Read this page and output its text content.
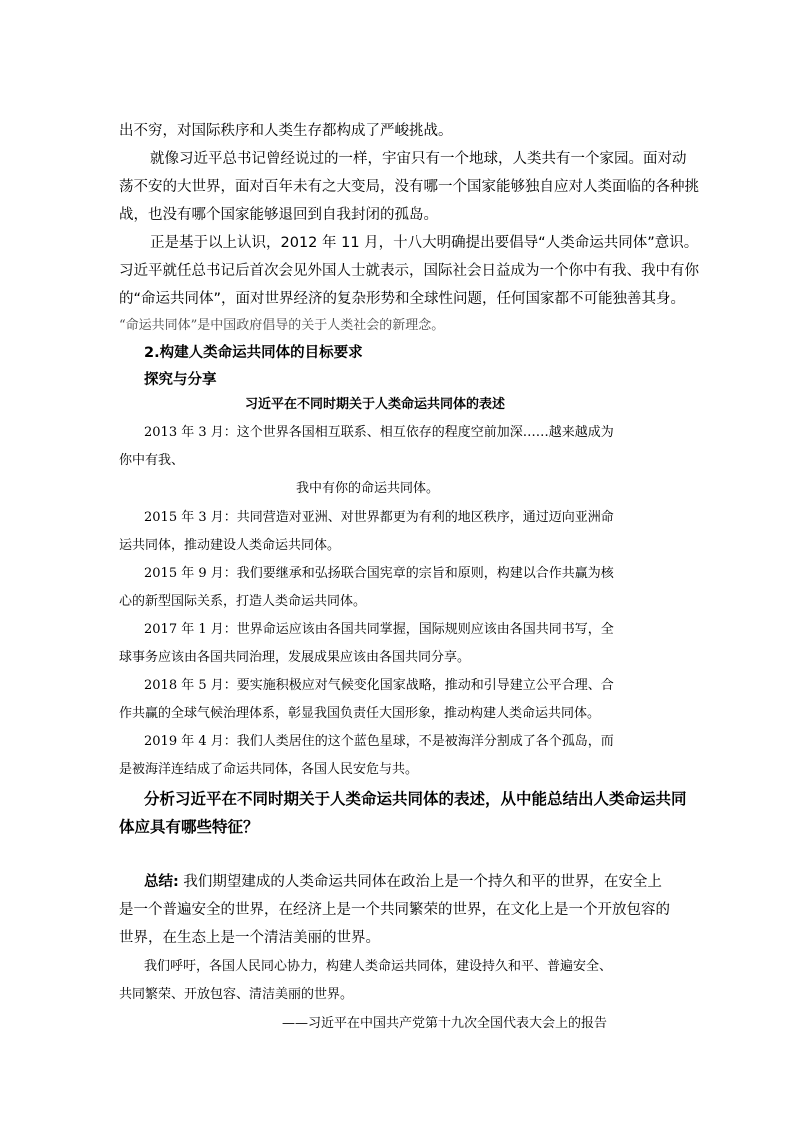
出不穷，对国际秩序和人类生存都构成了严峻挑战。
就像习近平总书记曾经说过的一样，宇宙只有一个地球，人类共有一个家园。面对动
荡不安的大世界，面对百年未有之大变局，没有哪一个国家能够独自应对人类面临的各种挑
战，也没有哪个国家能够退回到自我封闭的孤岛。
正是基于以上认识，2012 年 11 月，十八大明确提出要倡导“人类命运共同体”意识。
习近平就任总书记后首次会见外国人士就表示，国际社会日益成为一个你中有我、我中有你
的“命运共同体”，面对世界经济的复杂形势和全球性问题，任何国家都不可能独善其身。
“命运共同体”是中国政府倡导的关于人类社会的新理念。
2.构建人类命运共同体的目标要求
探究与分享
习近平在不同时期关于人类命运共同体的表述
2013 年 3 月：这个世界各国相互联系、相互依存的程度空前加深……越来越成为
你中有我、
我中有你的命运共同体。
2015 年 3 月：共同营造对亚洲、对世界都更为有利的地区秩序，通过迈向亚洲命
运共同体，推动建设人类命运共同体。
2015 年 9 月：我们要继承和弘扬联合国宪章的宗旨和原则，构建以合作共赢为核
心的新型国际关系，打造人类命运共同体。
2017 年 1 月：世界命运应该由各国共同掌握，国际规则应该由各国共同书写，全
球事务应该由各国共同治理，发展成果应该由各国共同分享。
2018 年 5 月：要实施积极应对气候变化国家战略，推动和引导建立公平合理、合
作共赢的全球气候治理体系，彰显我国负责任大国形象，推动构建人类命运共同体。
2019 年 4 月：我们人类居住的这个蓝色星球，不是被海洋分割成了各个孤岛，而
是被海洋连结成了命运共同体，各国人民安危与共。
分析习近平在不同时期关于人类命运共同体的表述，从中能总结出人类命运共同
体应具有哪些特征？
总结: 我们期望建成的人类命运共同体在政治上是一个持久和平的世界，在安全上
是一个普遍安全的世界，在经济上是一个共同繁荣的世界，在文化上是一个开放包容的
世界，在生态上是一个清洁美丽的世界。
我们呼吁，各国人民同心协力，构建人类命运共同体，建设持久和平、普遍安全、
共同繁荣、开放包容、清洁美丽的世界。
——习近平在中国共产党第十九次全国代表大会上的报告
